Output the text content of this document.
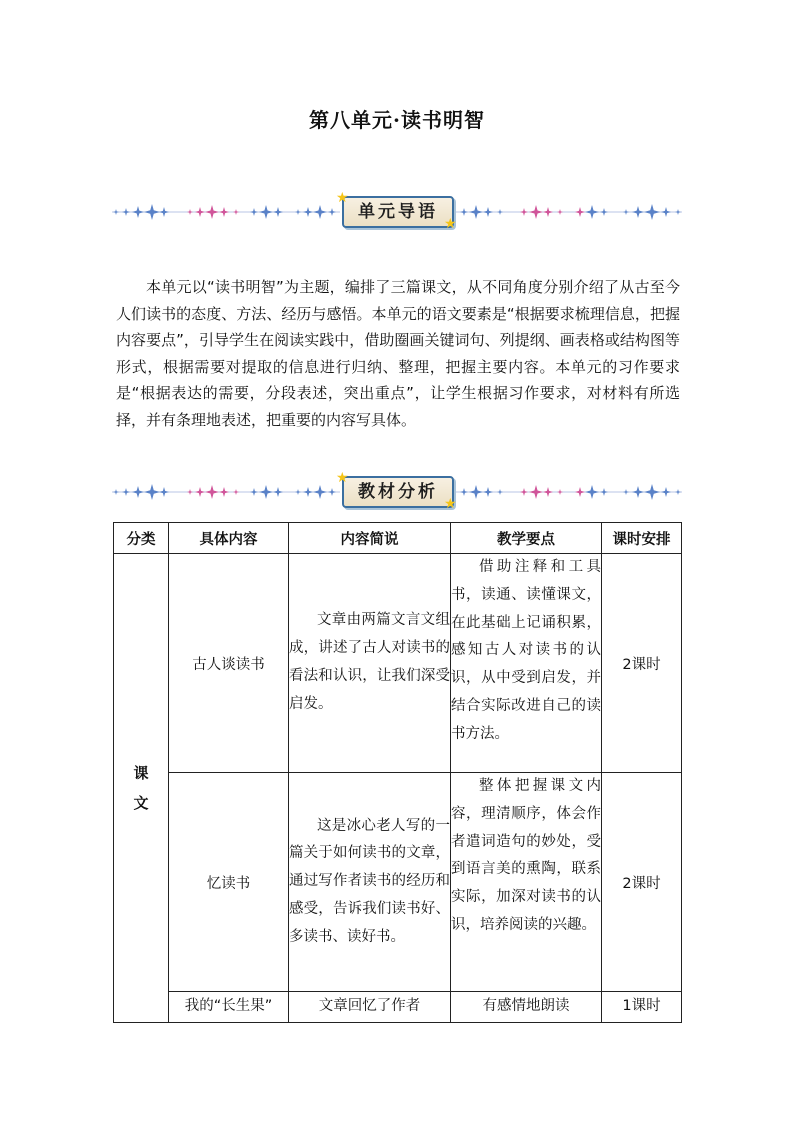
第八单元·读书明智
单元导语
★
★
本单元以“读书明智”为主题，编排了三篇课文，从不同角度分别介绍了从古至今人们读书的态度、方法、经历与感悟。本单元的语文要素是“根据要求梳理信息，把握内容要点”，引导学生在阅读实践中，借助圈画关键词句、列提纲、画表格或结构图等形式，根据需要对提取的信息进行归纳、整理，把握主要内容。本单元的习作要求是“根据表达的需要，分段表述，突出重点”，让学生根据习作要求，对材料有所选择，并有条理地表述，把重要的内容写具体。
教材分析
★
★
分类	具体内容	内容简说	教学要点	课时安排

课文	古人谈读书	文章由两篇文言文组成，讲述了古人对读书的看法和认识，让我们深受启发。	借助注释和工具书，读通、读懂课文，在此基础上记诵积累，感知古人对读书的认识，从中受到启发，并结合实际改进自己的读书方法。	2课时
	忆读书	这是冰心老人写的一篇关于如何读书的文章，通过写作者读书的经历和感受，告诉我们读书好、多读书、读好书。	整体把握课文内容，理清顺序，体会作者遣词造句的妙处，受到语言美的熏陶，联系实际，加深对读书的认识，培养阅读的兴趣。	2课时
	我的“长生果”	文章回忆了作者	有感情地朗读	1课时
